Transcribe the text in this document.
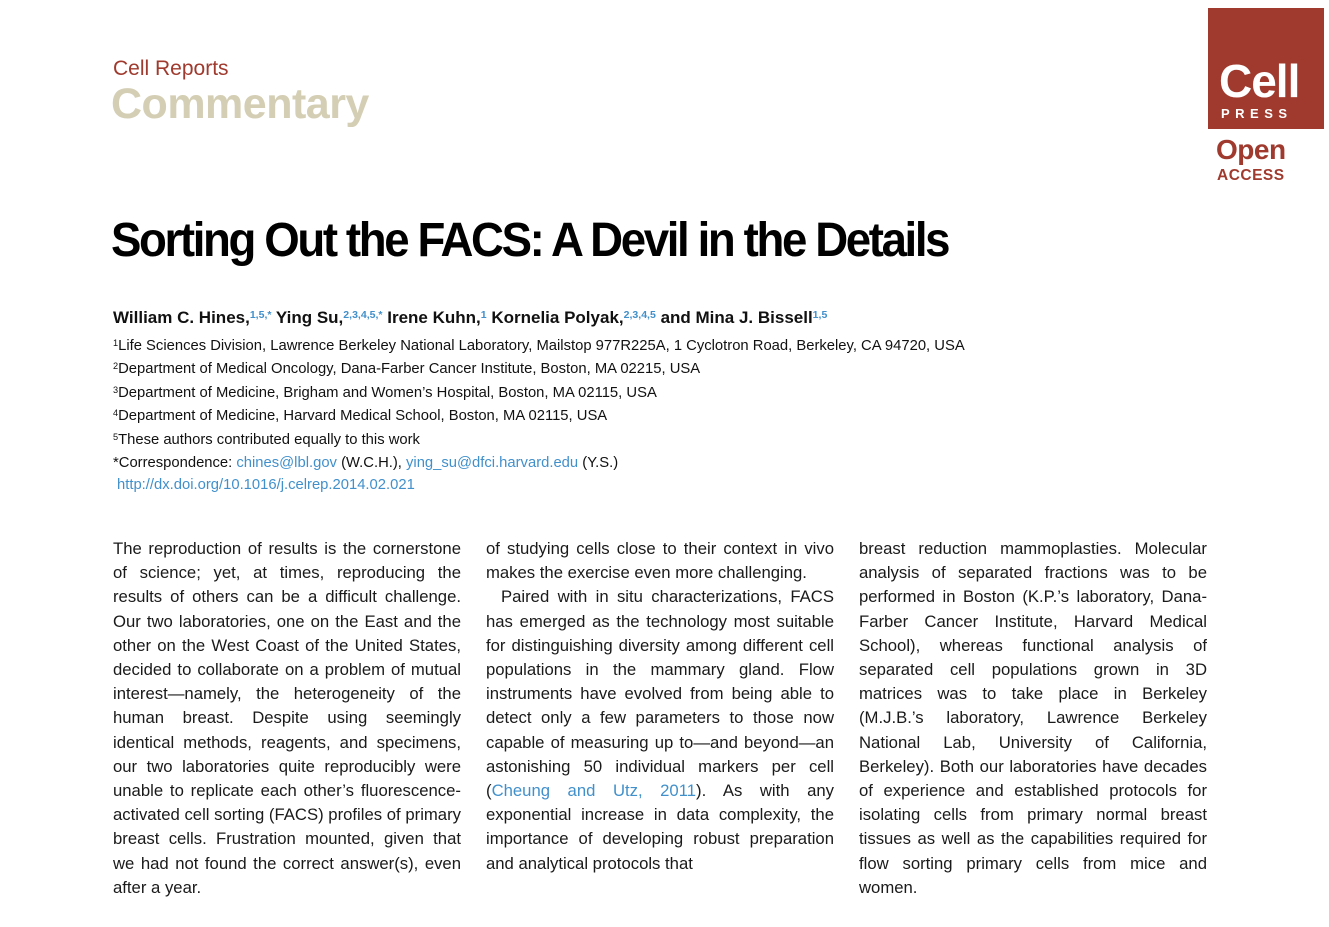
Cell Reports
Commentary	Cell
PRESS
Open
ACCESS
Sorting Out the FACS: A Devil in the Details
William C. Hines,$^{1,5,*}$ Ying Su,$^{2,3,4,5,*}$ Irene Kuhn,$^1$ Kornelia Polyak,$^{2,3,4,5}$ and Mina J. Bissell$^{1,5}$
$^1$Life Sciences Division, Lawrence Berkeley National Laboratory, Mailstop 977R225A, 1 Cyclotron Road, Berkeley, CA 94720, USA
$^2$Department of Medical Oncology, Dana-Farber Cancer Institute, Boston, MA 02215, USA
$^3$Department of Medicine, Brigham and Women’s Hospital, Boston, MA 02115, USA
$^4$Department of Medicine, Harvard Medical School, Boston, MA 02115, USA
$^5$These authors contributed equally to this work
*Correspondence: chines@lbl.gov (W.C.H.), ying_su@dfci.harvard.edu (Y.S.)
http://dx.doi.org/10.1016/j.celrep.2014.02.021

The reproduction of results is the cornerstone of science; yet, at times, reproducing the results of others can be a difficult challenge. Our two laboratories, one on the East and the other on the West Coast of the United States, decided to collaborate on a problem of mutual interest—namely, the heterogeneity of the human breast. Despite using seemingly identical methods, reagents, and specimens, our two laboratories quite reproducibly were unable to replicate each other’s fluorescence-activated cell sorting (FACS) profiles of primary breast cells. Frustration mounted, given that we had not found the correct answer(s), even after a year.

of studying cells close to their context in vivo makes the exercise even more challenging.

Paired with in situ characterizations, FACS has emerged as the technology most suitable for distinguishing diversity among different cell populations in the mammary gland. Flow instruments have evolved from being able to detect only a few parameters to those now capable of measuring up to—and beyond—an astonishing 50 individual markers per cell (Cheung and Utz, 2011). As with any exponential increase in data complexity, the importance of developing robust preparation and analytical protocols that

breast reduction mammoplasties. Molecular analysis of separated fractions was to be performed in Boston (K.P.’s laboratory, Dana-Farber Cancer Institute, Harvard Medical School), whereas functional analysis of separated cell populations grown in 3D matrices was to take place in Berkeley (M.J.B.’s laboratory, Lawrence Berkeley National Lab, University of California, Berkeley). Both our laboratories have decades of experience and established protocols for isolating cells from primary normal breast tissues as well as the capabilities required for flow sorting primary cells from mice and women.
